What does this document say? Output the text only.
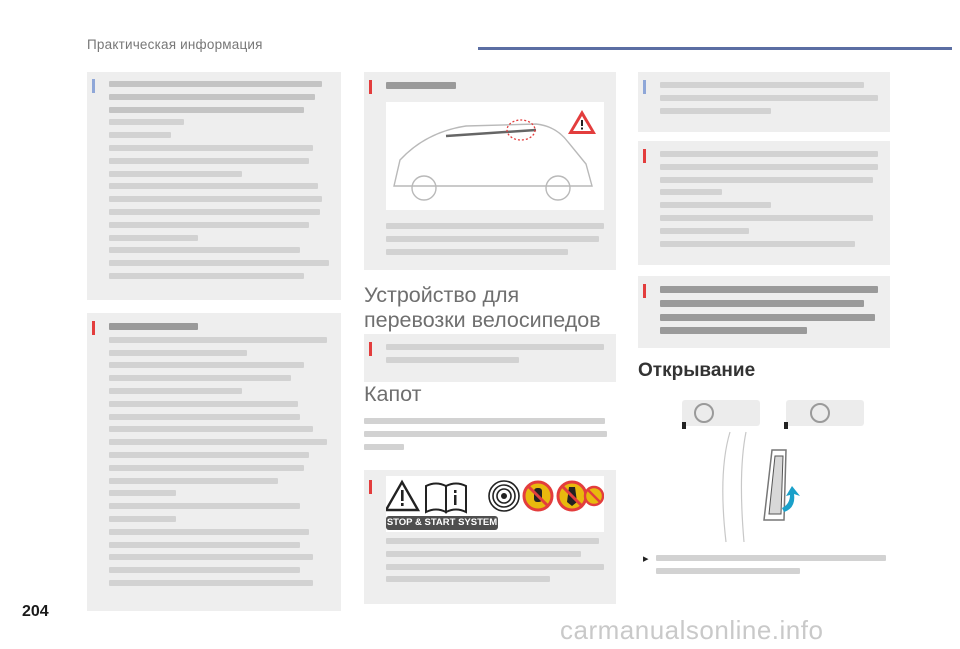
Практическая информация
Устройство для перевозки велосипедов
Капот
STOP & START SYSTEM
Открывание
▸
204
carmanualsonline.info
